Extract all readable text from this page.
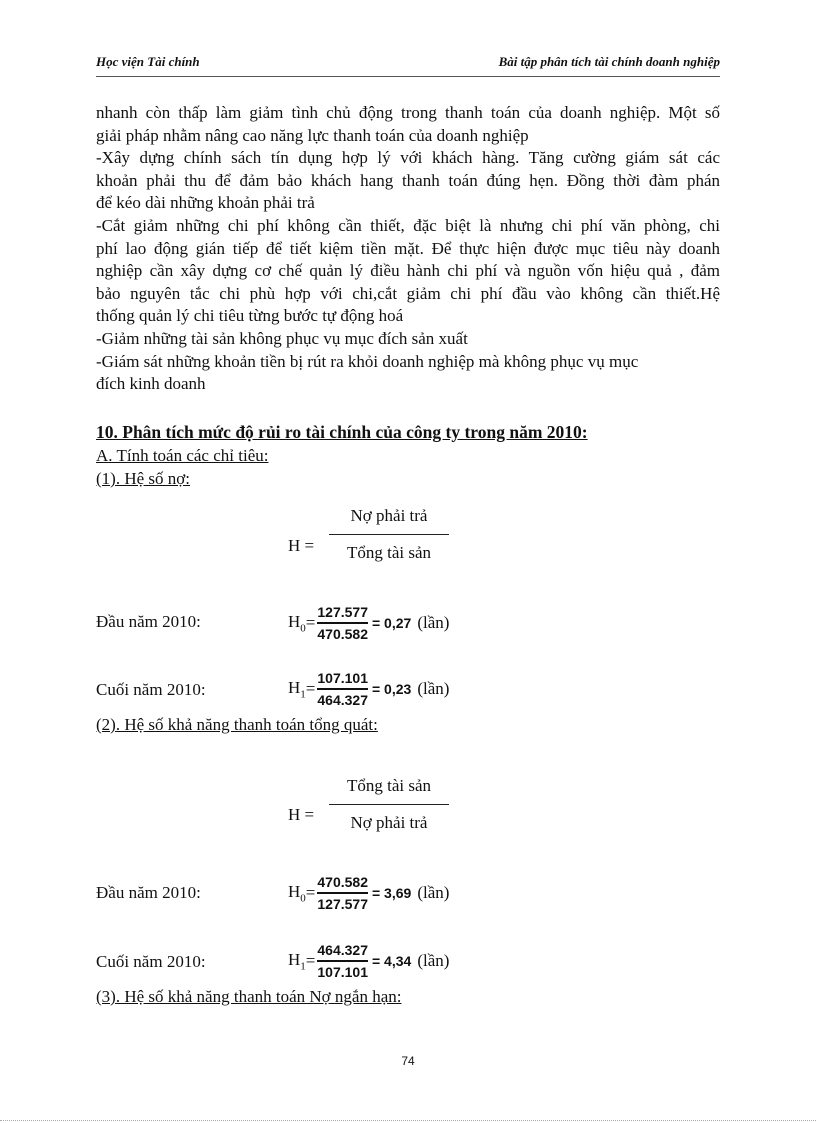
Học viện Tài chính	Bài tập phân tích tài chính doanh nghiệp
nhanh còn thấp làm giảm tình chủ động trong thanh toán của doanh nghiệp. Một số
giải pháp nhằm nâng cao năng lực thanh toán của doanh nghiệp
-Xây dựng chính sách tín dụng hợp lý với khách hàng. Tăng cường giám sát các
khoản phải thu để đảm bảo khách hang thanh toán đúng hẹn. Đồng thời đàm phán
để kéo dài những khoản phải trả
-Cắt giảm những chi phí không cần thiết, đặc biệt là nhưng chi phí văn phòng, chi
phí lao động gián tiếp để tiết kiệm tiền mặt. Để thực hiện được mục tiêu này doanh
nghiệp cần xây dựng cơ chế quản lý điều hành chi phí và nguồn vốn hiệu quả , đảm
bảo nguyên tắc chi phù hợp với chi,cắt giảm chi phí đầu vào không cần thiết.Hệ
thống quản lý chi tiêu từng bước tự động hoá
-Giảm những tài sản không phục vụ mục đích sản xuất
-Giám sát những khoản tiền bị rút ra khỏi doanh nghiệp mà không phục vụ mục
đích kinh doanh
10. Phân tích mức độ rủi ro tài chính của công ty trong năm 2010:
A. Tính toán các chỉ tiêu:
(1). Hệ số nợ:
H =
Nợ phải trả
Tổng tài sản
Đầu năm 2010:	$H_0 = \frac{127.577}{470.582} = 0,27$ (lần)
Cuối năm 2010:	$H_1 = \frac{107.101}{464.327} = 0,23$ (lần)
(2). Hệ số khả năng thanh toán tổng quát:
H =
Tổng tài sản
Nợ phải trả
Đầu năm 2010:	$H_0 = \frac{470.582}{127.577} = 3,69$ (lần)
Cuối năm 2010:	$H_1 = \frac{464.327}{107.101} = 4,34$ (lần)
(3). Hệ số khả năng thanh toán Nợ ngắn hạn:
74
